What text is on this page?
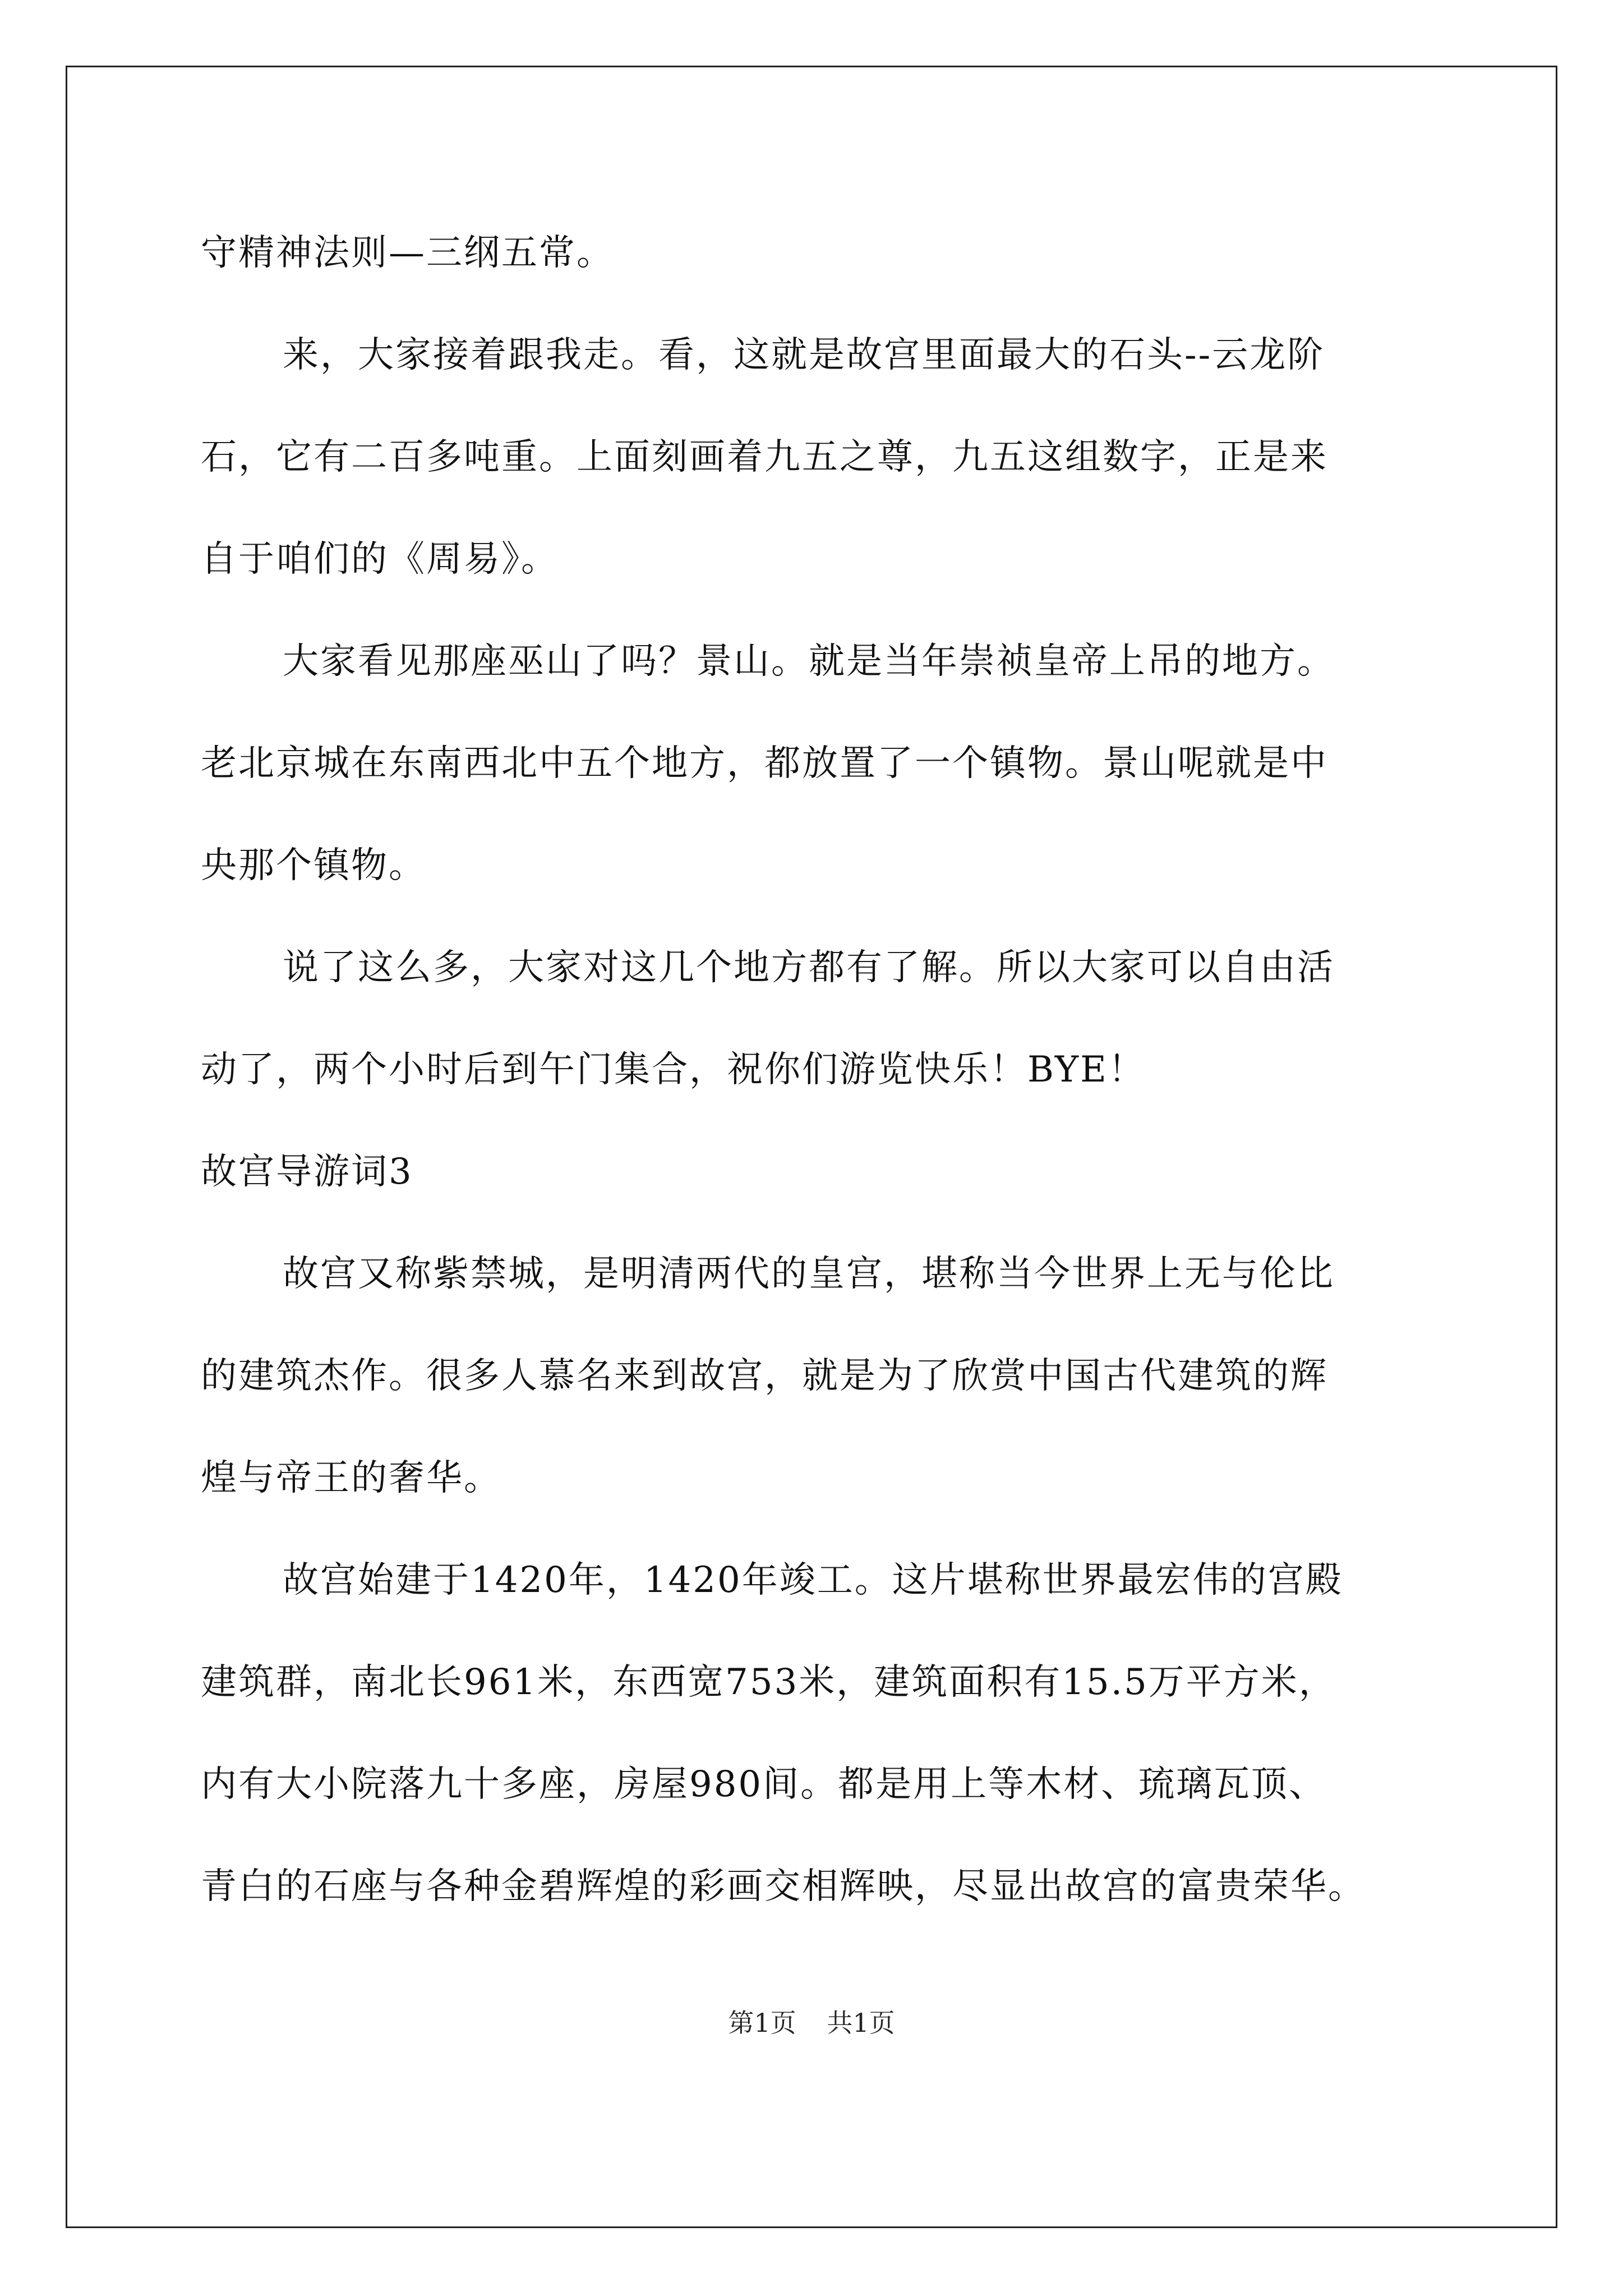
守精神法则—三纲五常。
来，大家接着跟我走。看，这就是故宫里面最大的石头--云龙阶
石，它有二百多吨重。上面刻画着九五之尊，九五这组数字，正是来
自于咱们的《周易》。
大家看见那座巫山了吗？景山。就是当年崇祯皇帝上吊的地方。
老北京城在东南西北中五个地方，都放置了一个镇物。景山呢就是中
央那个镇物。
说了这么多，大家对这几个地方都有了解。所以大家可以自由活
动了，两个小时后到午门集合，祝你们游览快乐！BYE！
故宫导游词3
故宫又称紫禁城，是明清两代的皇宫，堪称当今世界上无与伦比
的建筑杰作。很多人慕名来到故宫，就是为了欣赏中国古代建筑的辉
煌与帝王的奢华。
故宫始建于1420年，1420年竣工。这片堪称世界最宏伟的宫殿
建筑群，南北长961米，东西宽753米，建筑面积有15.5万平方米，
内有大小院落九十多座，房屋980间。都是用上等木材、琉璃瓦顶、
青白的石座与各种金碧辉煌的彩画交相辉映，尽显出故宫的富贵荣华。
第1页 共1页
